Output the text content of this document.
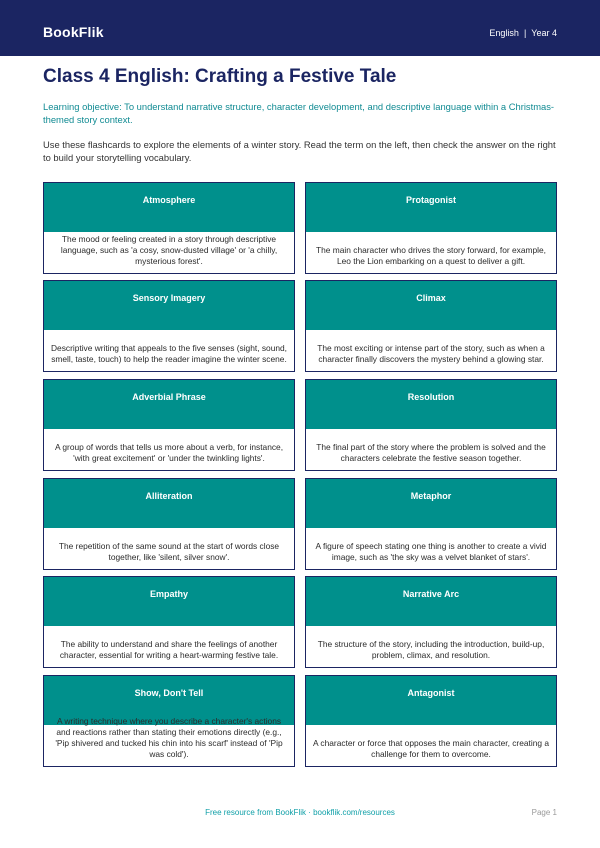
BookFlik	English | Year 4
Class 4 English: Crafting a Festive Tale
Learning objective: To understand narrative structure, character development, and descriptive language within a Christmas-themed story context.
Use these flashcards to explore the elements of a winter story. Read the term on the left, then check the answer on the right to build your storytelling vocabulary.
Atmosphere
The mood or feeling created in a story through descriptive language, such as 'a cosy, snow-dusted village' or 'a chilly, mysterious forest'.
Protagonist
The main character who drives the story forward, for example, Leo the Lion embarking on a quest to deliver a gift.
Sensory Imagery
Descriptive writing that appeals to the five senses (sight, sound, smell, taste, touch) to help the reader imagine the winter scene.
Climax
The most exciting or intense part of the story, such as when a character finally discovers the mystery behind a glowing star.
Adverbial Phrase
A group of words that tells us more about a verb, for instance, 'with great excitement' or 'under the twinkling lights'.
Resolution
The final part of the story where the problem is solved and the characters celebrate the festive season together.
Alliteration
The repetition of the same sound at the start of words close together, like 'silent, silver snow'.
Metaphor
A figure of speech stating one thing is another to create a vivid image, such as 'the sky was a velvet blanket of stars'.
Empathy
The ability to understand and share the feelings of another character, essential for writing a heart-warming festive tale.
Narrative Arc
The structure of the story, including the introduction, build-up, problem, climax, and resolution.
Show, Don't Tell
A writing technique where you describe a character's actions and reactions rather than stating their emotions directly (e.g., 'Pip shivered and tucked his chin into his scarf' instead of 'Pip was cold').
Antagonist
A character or force that opposes the main character, creating a challenge for them to overcome.
Free resource from BookFlik · bookflik.com/resources	Page 1
